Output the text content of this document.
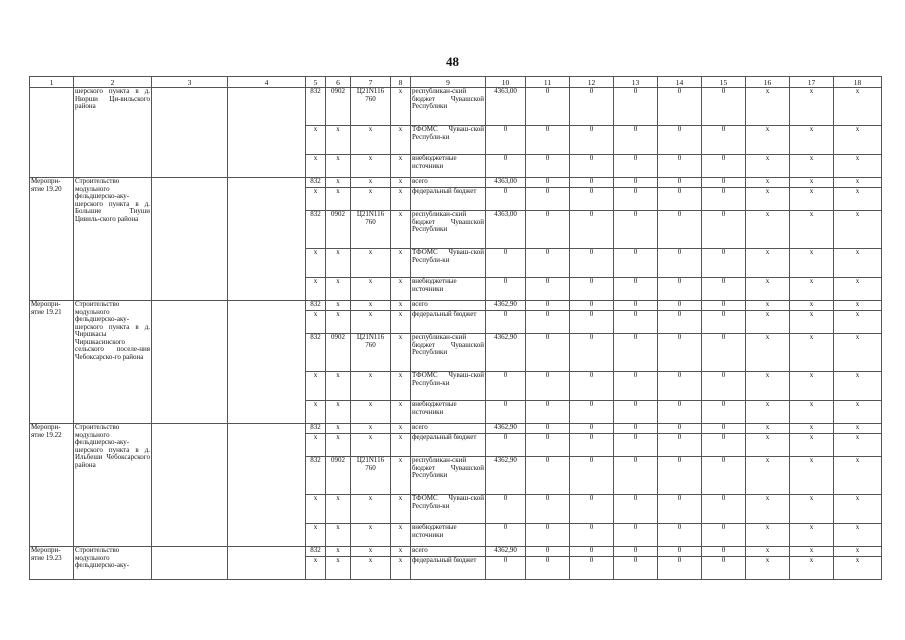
48
1	2	3	4	5	6	7	8	9	10	11	12	13	14	15	16	17	18
	шерского пункта в д. Нюрши Ци-вильского района			832	0902	Ц21N116 760	x	республикан-ский бюджет Чувашской Республики	4363,00	0	0	0	0	0	x	x	x
				x	x	x	x	ТФОМС Чуваш-ской Республи-ки	0	0	0	0	0	0	x	x	x
				x	x	x	x	внебюджетные источники	0	0	0	0	0	0	x	x	x
Меропри-ятие 19.20	Строительство модульного фельдшерско-аку-шерского пункта в д. Большие Тиуши Цивиль-ского района			832	x	x	x	всего	4363,00	0	0	0	0	0	x	x	x
				x	x	x	x	федеральный бюджет	0	0	0	0	0	0	x	x	x
				832	0902	Ц21N116 760	x	республикан-ский бюджет Чувашской Республики	4363,00	0	0	0	0	0	x	x	x
				x	x	x	x	ТФОМС Чуваш-ской Республи-ки	0	0	0	0	0	0	x	x	x
				x	x	x	x	внебюджетные источники	0	0	0	0	0	0	x	x	x
Меропри-ятие 19.21	Строительство модульного фельдшерско-аку-шерского пункта в д. Чиршкасы Чиршкасинского сельского поселе-ния Чебоксарско-го района			832	x	x	x	всего	4362,90	0	0	0	0	0	x	x	x
				x	x	x	x	федеральный бюджет	0	0	0	0	0	0	x	x	x
				832	0902	Ц21N116 760	x	республикан-ский бюджет Чувашской Республики	4362,90	0	0	0	0	0	x	x	x
				x	x	x	x	ТФОМС Чуваш-ской Республи-ки	0	0	0	0	0	0	x	x	x
				x	x	x	x	внебюджетные источники	0	0	0	0	0	0	x	x	x
Меропри-ятие 19.22	Строительство модульного фельдшерско-аку-шерского пункта в д. Ильбеши Чебоксарского района			832	x	x	x	всего	4362,90	0	0	0	0	0	x	x	x
				x	x	x	x	федеральный бюджет	0	0	0	0	0	0	x	x	x
				832	0902	Ц21N116 760	x	республикан-ский бюджет Чувашской Республики	4362,90	0	0	0	0	0	x	x	x
				x	x	x	x	ТФОМС Чуваш-ской Республи-ки	0	0	0	0	0	0	x	x	x
				x	x	x	x	внебюджетные источники	0	0	0	0	0	0	x	x	x
Меропри-ятие 19.23	Строительство модульного фельдшерско-аку-			832	x	x	x	всего	4362,90	0	0	0	0	0	x	x	x
				x	x	x	x	федеральный бюджет	0	0	0	0	0	0	x	x	x
